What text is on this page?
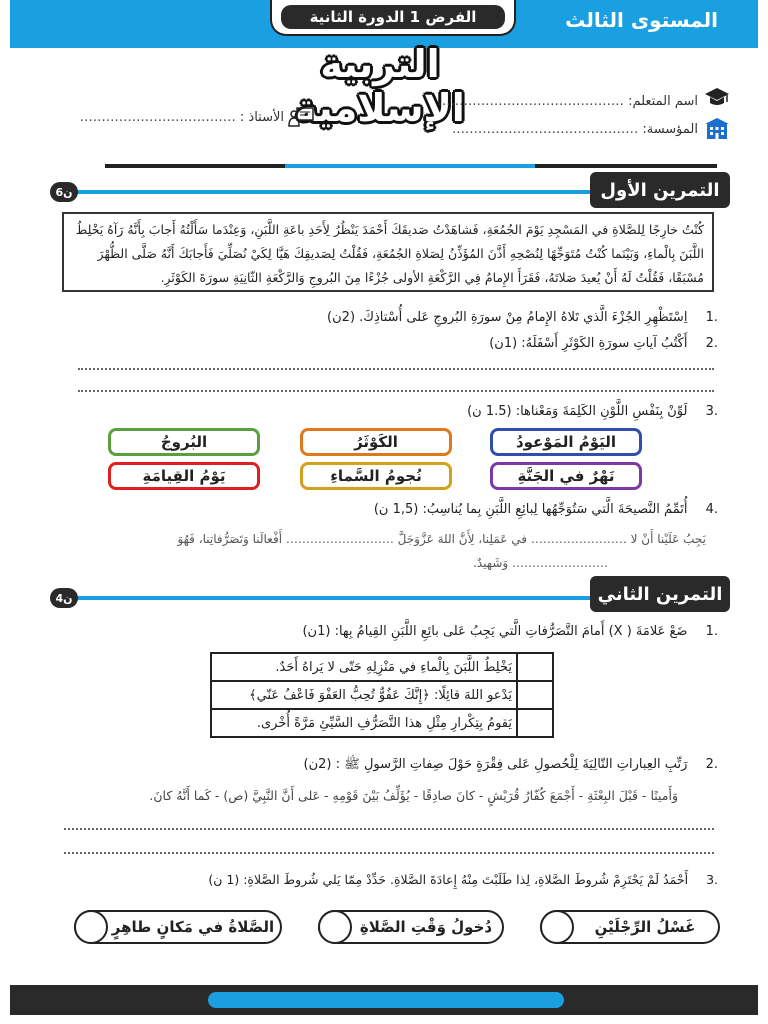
المستوى الثالث
الفرض 1 الدورة الثانية
التربية الإسلامية	اسم المتعلم: …………………………………….
المؤسسة: …………………………………….
الأستاذ : ………………………………
6ن	التمرين الأول
كُنْتُ خارِجًا لِلصَّلاةِ في المَسْجِدِ يَوْمَ الجُمُعَةِ، فَشاهَدْتُ صَديقَكَ أَحْمَدَ يَنْظُرُ لِأَحَدِ باعَةِ اللَّبَنِ، وَعِنْدَما سَأَلْتُهُ أَجابَ بِأَنَّهُ رَآهُ يَخْلِطُ اللَّبَنَ بِالْماءِ، وَبَيْنَما كُنْتُ مُتَوَجِّهًا لِنُصْحِهِ أَذَّنَ المُؤَذِّنُ لِصَلاةِ الجُمُعَةِ، فَقُلْتُ لِصَديقِكَ هَيَّا لِكَيْ نُصَلِّيَ فَأَجابَكَ أَنَّهُ صَلَّى الظُّهْرَ مُسْبَقًا، فَقُلْتُ لَهُ أَنْ يُعيدَ صَلاتَهُ، فَقَرَأَ الإِمامُ فِي الرَّكْعَةِ الأولى جُزْءًا مِنَ البُروجِ وَالرَّكْعَةِ الثّانِيَةِ سورَةَ الكَوْثَرِ.
.1 اِسْتَظْهِرِ الجُزْءَ الَّذي تَلاهُ الإِمامُ مِنْ سورَةِ البُروجِ عَلى أُسْتاذِكَ. (2ن)
.2 أَكْتُبُ آياتِ سورَةِ الكَوْثَرِ أَسْفَلَهُ: (1ن)
.3 لَوِّنْ بِنَفْسِ اللَّوْنِ الكَلِمَةَ وَمَعْناها: (1.5 ن)
اليَوْمُ المَوْعودُ
الكَوْثَرُ
البُروجُ
نَهْرٌ في الجَنَّةِ
نُجومُ السَّماءِ
يَوْمُ القِيامَةِ
.4 أُتَمِّمُ النَّصيحَةَ الَّتي سَتُوَجِّهُها لِبائِعِ اللَّبَنِ بِما يُناسِبُ: (1,5 ن)
يَجِبُ عَلَيْنا أَنْ لا …………………… في عَمَلِنا، لِأَنَّ اللهَ عَزَّوَجَلَّ ……………………… أَفْعالَنا وَتَصَرُّفاتِنا، فَهُوَ
…………………… وَشَهيدٌ.
4ن	التمرين الثاني
.1 ضَعْ عَلامَةَ ( X) أَمامَ التَّصَرُّفاتِ الَّتي يَجِبُ عَلى بائِعِ اللَّبَنِ القِيامُ بِها: (1ن)
يَخْلِطُ اللَّبَنَ بِالْماءِ في مَنْزِلِهِ حَتّى لا يَراهُ أَحَدٌ.	
يَدْعو اللهَ قائِلًا: ﴿إِنَّكَ عَفُوٌّ تُحِبُّ العَفْوَ فَاعْفُ عَنّي﴾	
يَقومُ بِتِكْرارِ مِثْلِ هذا التَّصَرُّفِ السَّيِّئِ مَرَّةً أُخْرى.	
.2 رَتِّبِ العِباراتِ التّالِيَةَ لِلْحُصولِ عَلى فِقْرَةٍ حَوْلَ صِفاتِ الرَّسولِ ﷺ : (2ن)
وَأَمينًا - قَبْلَ البِعْثَةِ - أَجْمَعَ كُفّارُ قُرَيْشٍ - كانَ صادِقًا - يُؤَلِّفُ بَيْنَ قَوْمِهِ - عَلى أَنَّ النَّبِيَّ (ص) - كَما أَنَّهُ كانَ.
.3 أَحْمَدُ لَمْ يَحْتَرِمْ شُروطَ الصَّلاةِ، لِذا طَلَبْتَ مِنْهُ إِعادَةَ الصَّلاةِ. حَدِّدْ مِمّا يَلي شُروطَ الصَّلاةِ: (1 ن)
غَسْلُ الرِّجْلَيْنِ
دُخولُ وَقْتِ الصَّلاةِ
الصَّلاةُ في مَكانٍ طاهِرٍ
